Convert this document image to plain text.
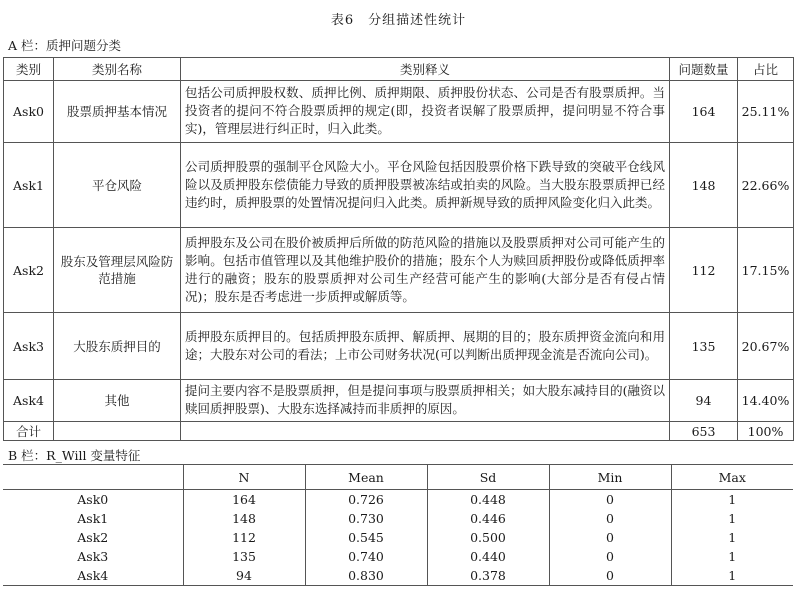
表6　分组描述性统计
A 栏：质押问题分类
类别	类别名称	类别释义	问题数量	占比
Ask0	股票质押基本情况	包括公司质押股权数、质押比例、质押期限、质押股份状态、公司是否有股票质押。当投资者的提问不符合股票质押的规定(即，投资者误解了股票质押，提问明显不符合事实)，管理层进行纠正时，归入此类。	164	25.11%
Ask1	平仓风险	公司质押股票的强制平仓风险大小。平仓风险包括因股票价格下跌导致的突破平仓线风险以及质押股东偿债能力导致的质押股票被冻结或拍卖的风险。当大股东股票质押已经违约时，质押股票的处置情况提问归入此类。质押新规导致的质押风险变化归入此类。	148	22.66%
Ask2	股东及管理层风险防范措施	质押股东及公司在股价被质押后所做的防范风险的措施以及股票质押对公司可能产生的影响。包括市值管理以及其他维护股价的措施；股东个人为赎回质押股份或降低质押率进行的融资；股东的股票质押对公司生产经营可能产生的影响(大部分是否有侵占情况)；股东是否考虑进一步质押或解质等。	112	17.15%
Ask3	大股东质押目的	质押股东质押目的。包括质押股东质押、解质押、展期的目的；股东质押资金流向和用途；大股东对公司的看法；上市公司财务状况(可以判断出质押现金流是否流向公司)。	135	20.67%
Ask4	其他	提问主要内容不是股票质押，但是提问事项与股票质押相关；如大股东减持目的(融资以赎回质押股票)、大股东选择减持而非质押的原因。	94	14.40%
合计			653	100%
B 栏：R_Will 变量特征
	N	Mean	Sd	Min	Max
Ask0	164	0.726	0.448	0	1
Ask1	148	0.730	0.446	0	1
Ask2	112	0.545	0.500	0	1
Ask3	135	0.740	0.440	0	1
Ask4	94	0.830	0.378	0	1
